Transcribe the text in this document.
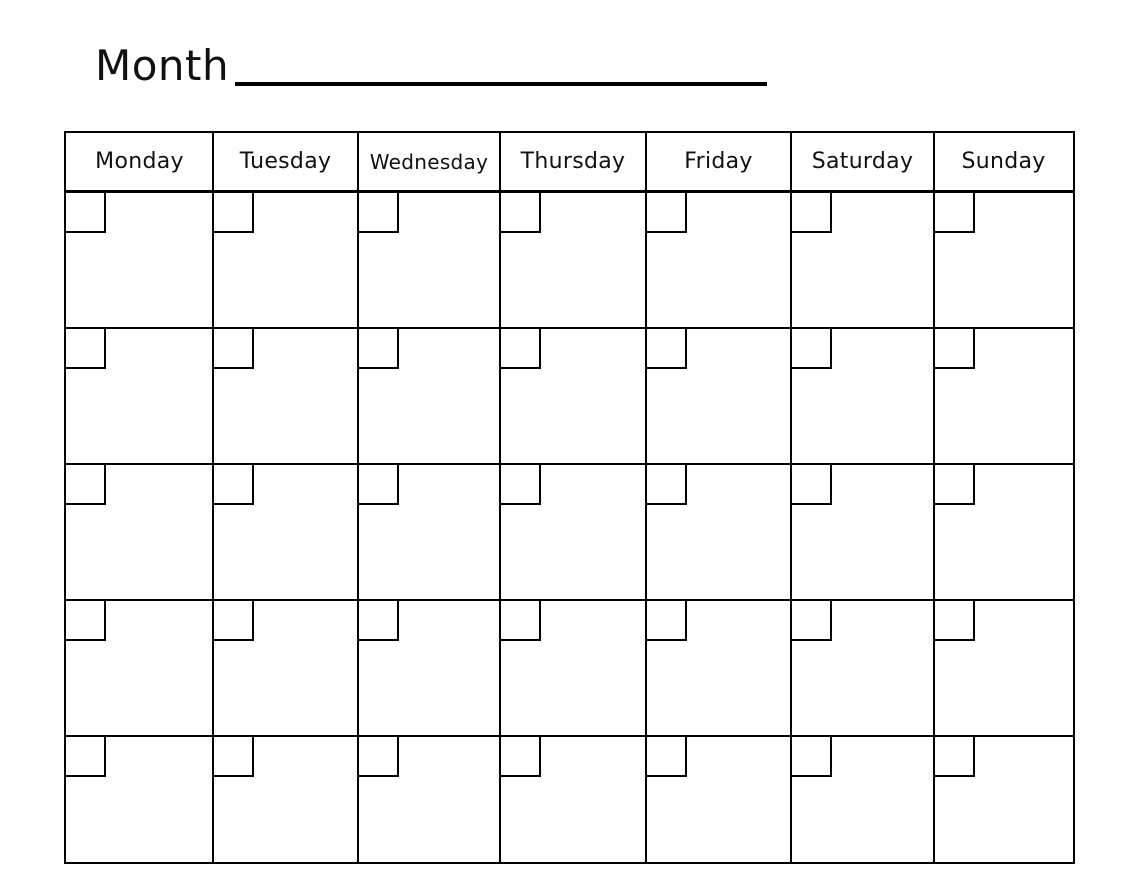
Month
Monday	Tuesday	Wednesday	Thursday	Friday	Saturday	Sunday
